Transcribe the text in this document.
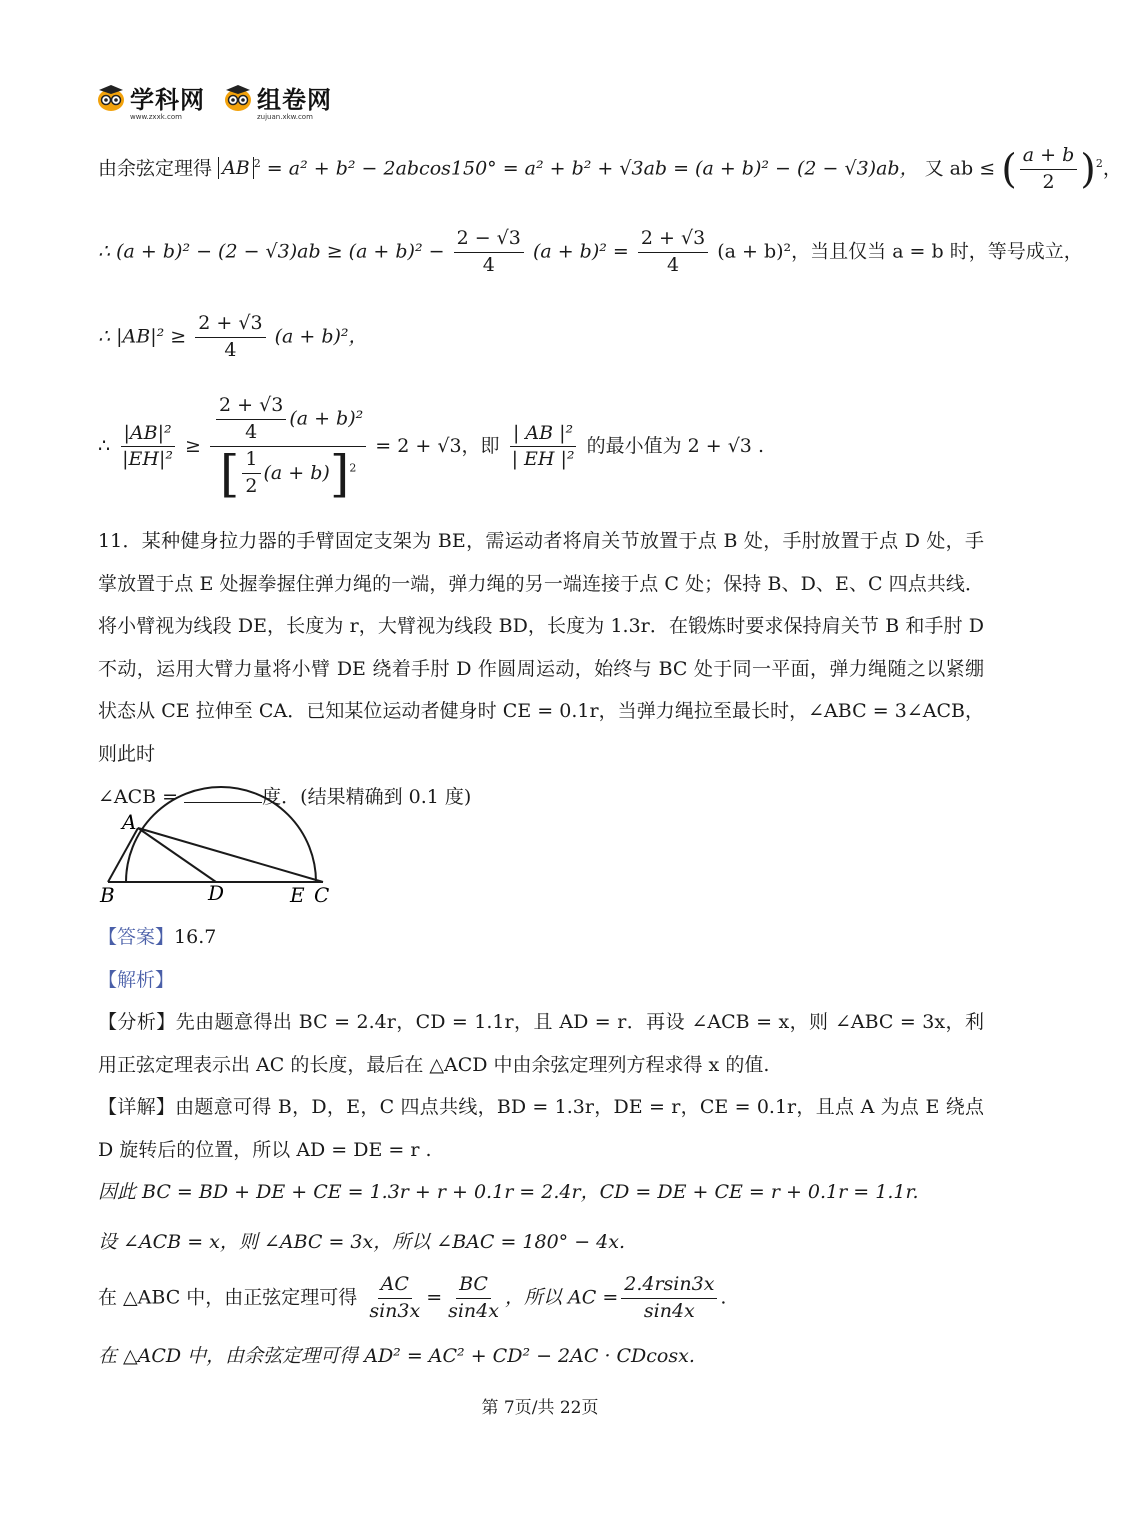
学科网
www.zxxk.com
组卷网
zujuan.xkw.com
由余弦定理得 AB $^2$ = a² + b² − 2abcos150° = a² + b² + √3ab = (a + b)² − (2 − √3)ab， 又 ab ≤ ( $\frac{a + b}{2} )^2$，
∴ $(a + b)^2 - (2 - √3)ab \ge (a + b)^2 - \frac{2 - √3}{4} (a + b)^2 = \frac{2 + √3}{4} (a + b)^2$，当且仅当 a = b 时，等号成立，
∴ $|AB|^2 \ge \frac{2 + √3}{4} (a + b)^2$，
∴ $\frac{\text{|AB|²}}{\text{|EH|²}} \ge \frac{\frac{2 + √3}{4} (a + b)^2}{[ \frac{1}{2} (a + b)]^2} = 2 + √3$，即 $\frac{\text{| AB |²}}{\text{| EH |²}}$ 的最小值为 2 + √3 .
11．某种健身拉力器的手臂固定支架为 BE，需运动者将肩关节放置于点 B 处，手肘放置于点 D 处，手掌放置于点 E 处握拳握住弹力绳的一端，弹力绳的另一端连接于点 C 处；保持 B、D、E、C 四点共线．将小臂视为线段 DE，长度为 r，大臂视为线段 BD，长度为 1.3r．在锻炼时要求保持肩关节 B 和手肘 D 不动，运用大臂力量将小臂 DE 绕着手肘 D 作圆周运动，始终与 BC 处于同一平面，弹力绳随之以紧绷状态从 CE 拉伸至 CA．已知某位运动者健身时 CE = 0.1r，当弹力绳拉至最长时，∠ABC = 3∠ACB，则此时
∠ACB =	度．(结果精确到 0.1 度)
A
B	D	E C
【答案】16.7
【解析】
【分析】先由题意得出 BC = 2.4r，CD = 1.1r，且 AD = r．再设 ∠ACB = x，则 ∠ABC = 3x，利用正弦定理表示出 AC 的长度，最后在 △ACD 中由余弦定理列方程求得 x 的值.
【详解】由题意可得 B，D，E，C 四点共线，BD = 1.3r，DE = r，CE = 0.1r，且点 A 为点 E 绕点 D 旋转后的位置，所以 AD = DE = r .
因此 BC = BD + DE + CE = 1.3r + r + 0.1r = 2.4r，CD = DE + CE = r + 0.1r = 1.1r.
设 ∠ACB = x，则 ∠ABC = 3x，所以 ∠BAC = 180° − 4x.
在 △ABC 中，由正弦定理可得 $\frac{AC}{\sin 3x} = \frac{BC}{\sin 4x}$ ，所以 AC = $\frac{2.4rsin3x}{\sin 4x}$ .
在 △ACD 中，由余弦定理可得 AD² = AC² + CD² − 2AC · CDcosx.
第 7页/共 22页
